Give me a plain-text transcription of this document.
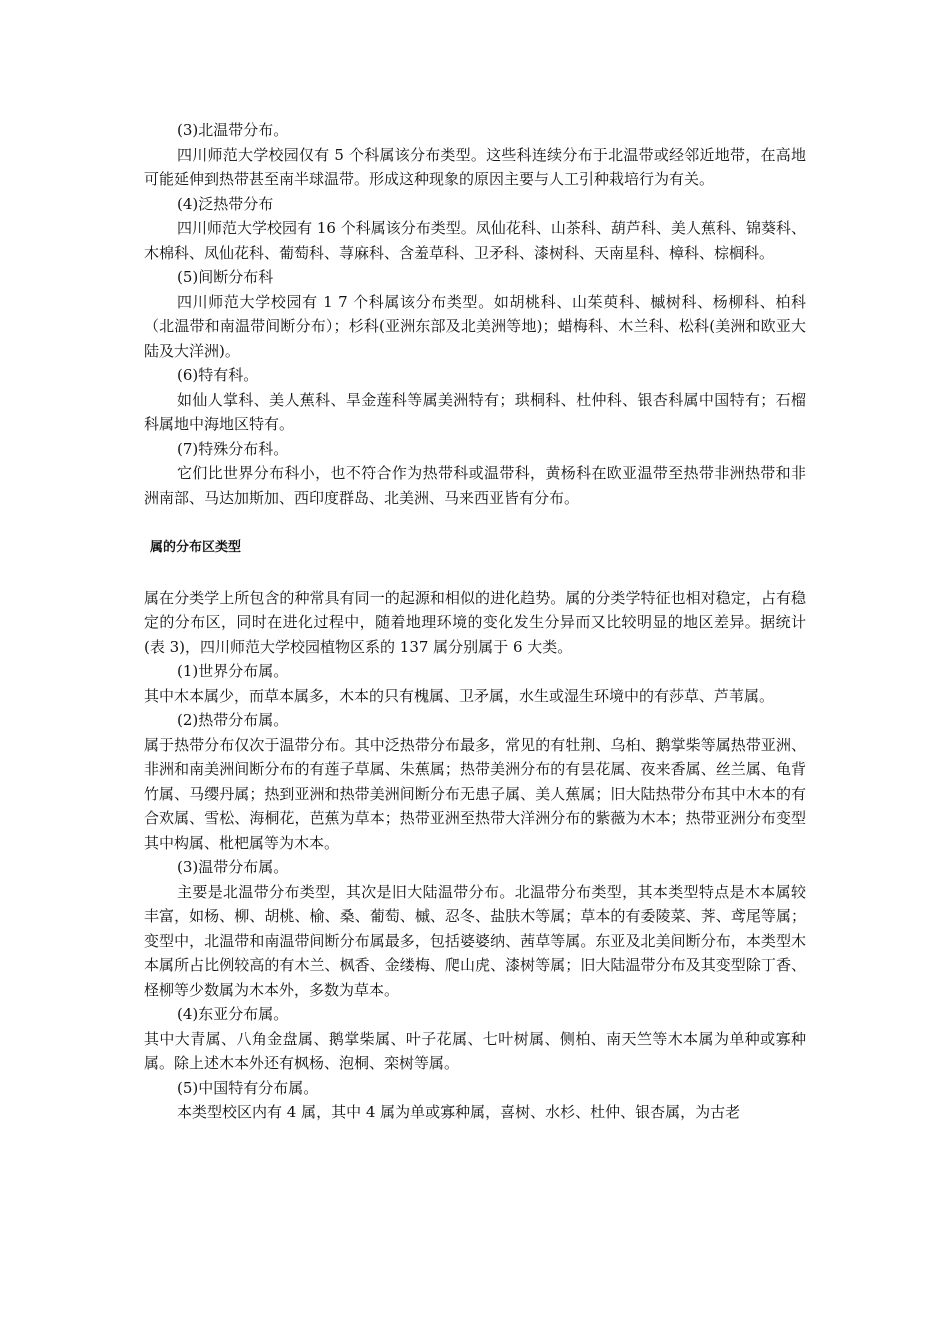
(3)北温带分布。

四川师范大学校园仅有 5 个科属该分布类型。这些科连续分布于北温带或经邻近地带，在高地可能延伸到热带甚至南半球温带。形成这种现象的原因主要与人工引种栽培行为有关。

(4)泛热带分布

四川师范大学校园有 16 个科属该分布类型。凤仙花科、山茶科、葫芦科、美人蕉科、锦葵科、木棉科、凤仙花科、葡萄科、荨麻科、含羞草科、卫矛科、漆树科、天南星科、樟科、棕榈科。

(5)间断分布科

四川师范大学校园有 1 7 个科属该分布类型。如胡桃科、山茱萸科、槭树科、杨柳科、柏科（北温带和南温带间断分布）；杉科(亚洲东部及北美洲等地)；蜡梅科、木兰科、松科(美洲和欧亚大陆及大洋洲)。

(6)特有科。

如仙人掌科、美人蕉科、旱金莲科等属美洲特有；珙桐科、杜仲科、银杏科属中国特有；石榴科属地中海地区特有。

(7)特殊分布科。

它们比世界分布科小，也不符合作为热带科或温带科，黄杨科在欧亚温带至热带非洲热带和非洲南部、马达加斯加、西印度群岛、北美洲、马来西亚皆有分布。

属的分布区类型

属在分类学上所包含的种常具有同一的起源和相似的进化趋势。属的分类学特征也相对稳定，占有稳定的分布区，同时在进化过程中，随着地理环境的变化发生分异而又比较明显的地区差异。据统计(表 3)，四川师范大学校园植物区系的 137 属分别属于 6 大类。

(1)世界分布属。

其中木本属少，而草本属多，木本的只有槐属、卫矛属，水生或湿生环境中的有莎草、芦苇属。

(2)热带分布属。

属于热带分布仅次于温带分布。其中泛热带分布最多，常见的有牡荆、乌桕、鹅掌柴等属热带亚洲、非洲和南美洲间断分布的有莲子草属、朱蕉属；热带美洲分布的有昙花属、夜来香属、丝兰属、龟背竹属、马缨丹属；热到亚洲和热带美洲间断分布无患子属、美人蕉属；旧大陆热带分布其中木本的有合欢属、雪松、海桐花，芭蕉为草本；热带亚洲至热带大洋洲分布的紫薇为木本；热带亚洲分布变型其中构属、枇杷属等为木本。

(3)温带分布属。

主要是北温带分布类型，其次是旧大陆温带分布。北温带分布类型，其本类型特点是木本属较丰富，如杨、柳、胡桃、榆、桑、葡萄、槭、忍冬、盐肤木等属；草本的有委陵菜、荠、鸢尾等属；变型中，北温带和南温带间断分布属最多，包括婆婆纳、茜草等属。东亚及北美间断分布，本类型木本属所占比例较高的有木兰、枫香、金缕梅、爬山虎、漆树等属；旧大陆温带分布及其变型除丁香、柽柳等少数属为木本外，多数为草本。

(4)东亚分布属。

其中大青属、八角金盘属、鹅掌柴属、叶子花属、七叶树属、侧柏、南天竺等木本属为单种或寡种属。除上述木本外还有枫杨、泡桐、栾树等属。

(5)中国特有分布属。

本类型校区内有 4 属，其中 4 属为单或寡种属，喜树、水杉、杜仲、银杏属，为古老
